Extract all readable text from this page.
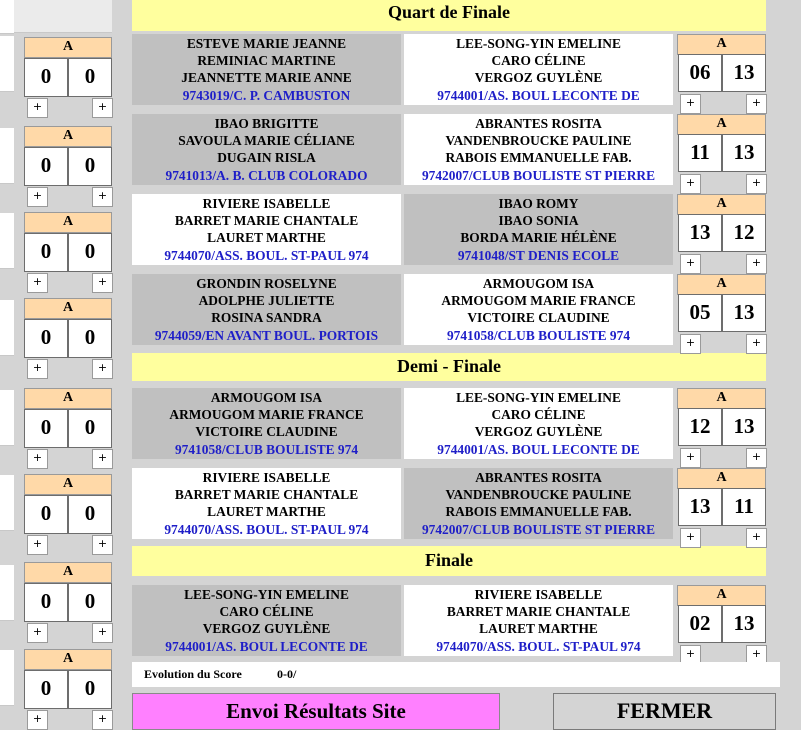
A
0	0
+	+
A
0	0
+	+
A
0	0
+	+
A
0	0
+	+
A
0	0
+	+
A
0	0
+	+
A
0	0
+	+
A
0	0
+	+
Quart de Finale
Demi - Finale
Finale
ESTEVE MARIE JEANNE
REMINIAC MARTINE
JEANNETTE MARIE ANNE
9743019/C. P. CAMBUSTON
LEE-SONG-YIN EMELINE
CARO CÉLINE
VERGOZ GUYLÈNE
9744001/AS. BOUL LECONTE DE
A
06	13
+	+
IBAO BRIGITTE
SAVOULA MARIE CÉLIANE
DUGAIN RISLA
9741013/A. B. CLUB COLORADO
ABRANTES ROSITA
VANDENBROUCKE PAULINE
RABOIS EMMANUELLE FAB.
9742007/CLUB BOULISTE ST PIERRE
A
11	13
+	+
RIVIERE ISABELLE
BARRET MARIE CHANTALE
LAURET MARTHE
9744070/ASS. BOUL. ST-PAUL 974
IBAO ROMY
IBAO SONIA
BORDA MARIE HÉLÈNE
9741048/ST DENIS ECOLE
A
13	12
+	+
GRONDIN ROSELYNE
ADOLPHE JULIETTE
ROSINA SANDRA
9744059/EN AVANT BOUL. PORTOIS
ARMOUGOM ISA
ARMOUGOM MARIE FRANCE
VICTOIRE CLAUDINE
9741058/CLUB BOULISTE 974
A
05	13
+	+
ARMOUGOM ISA
ARMOUGOM MARIE FRANCE
VICTOIRE CLAUDINE
9741058/CLUB BOULISTE 974
LEE-SONG-YIN EMELINE
CARO CÉLINE
VERGOZ GUYLÈNE
9744001/AS. BOUL LECONTE DE
A
12	13
+	+
RIVIERE ISABELLE
BARRET MARIE CHANTALE
LAURET MARTHE
9744070/ASS. BOUL. ST-PAUL 974
ABRANTES ROSITA
VANDENBROUCKE PAULINE
RABOIS EMMANUELLE FAB.
9742007/CLUB BOULISTE ST PIERRE
A
13	11
+	+
LEE-SONG-YIN EMELINE
CARO CÉLINE
VERGOZ GUYLÈNE
9744001/AS. BOUL LECONTE DE
RIVIERE ISABELLE
BARRET MARIE CHANTALE
LAURET MARTHE
9744070/ASS. BOUL. ST-PAUL 974
A
02	13
+	+
Evolution du Score	0-0/
Envoi Résultats Site	FERMER
